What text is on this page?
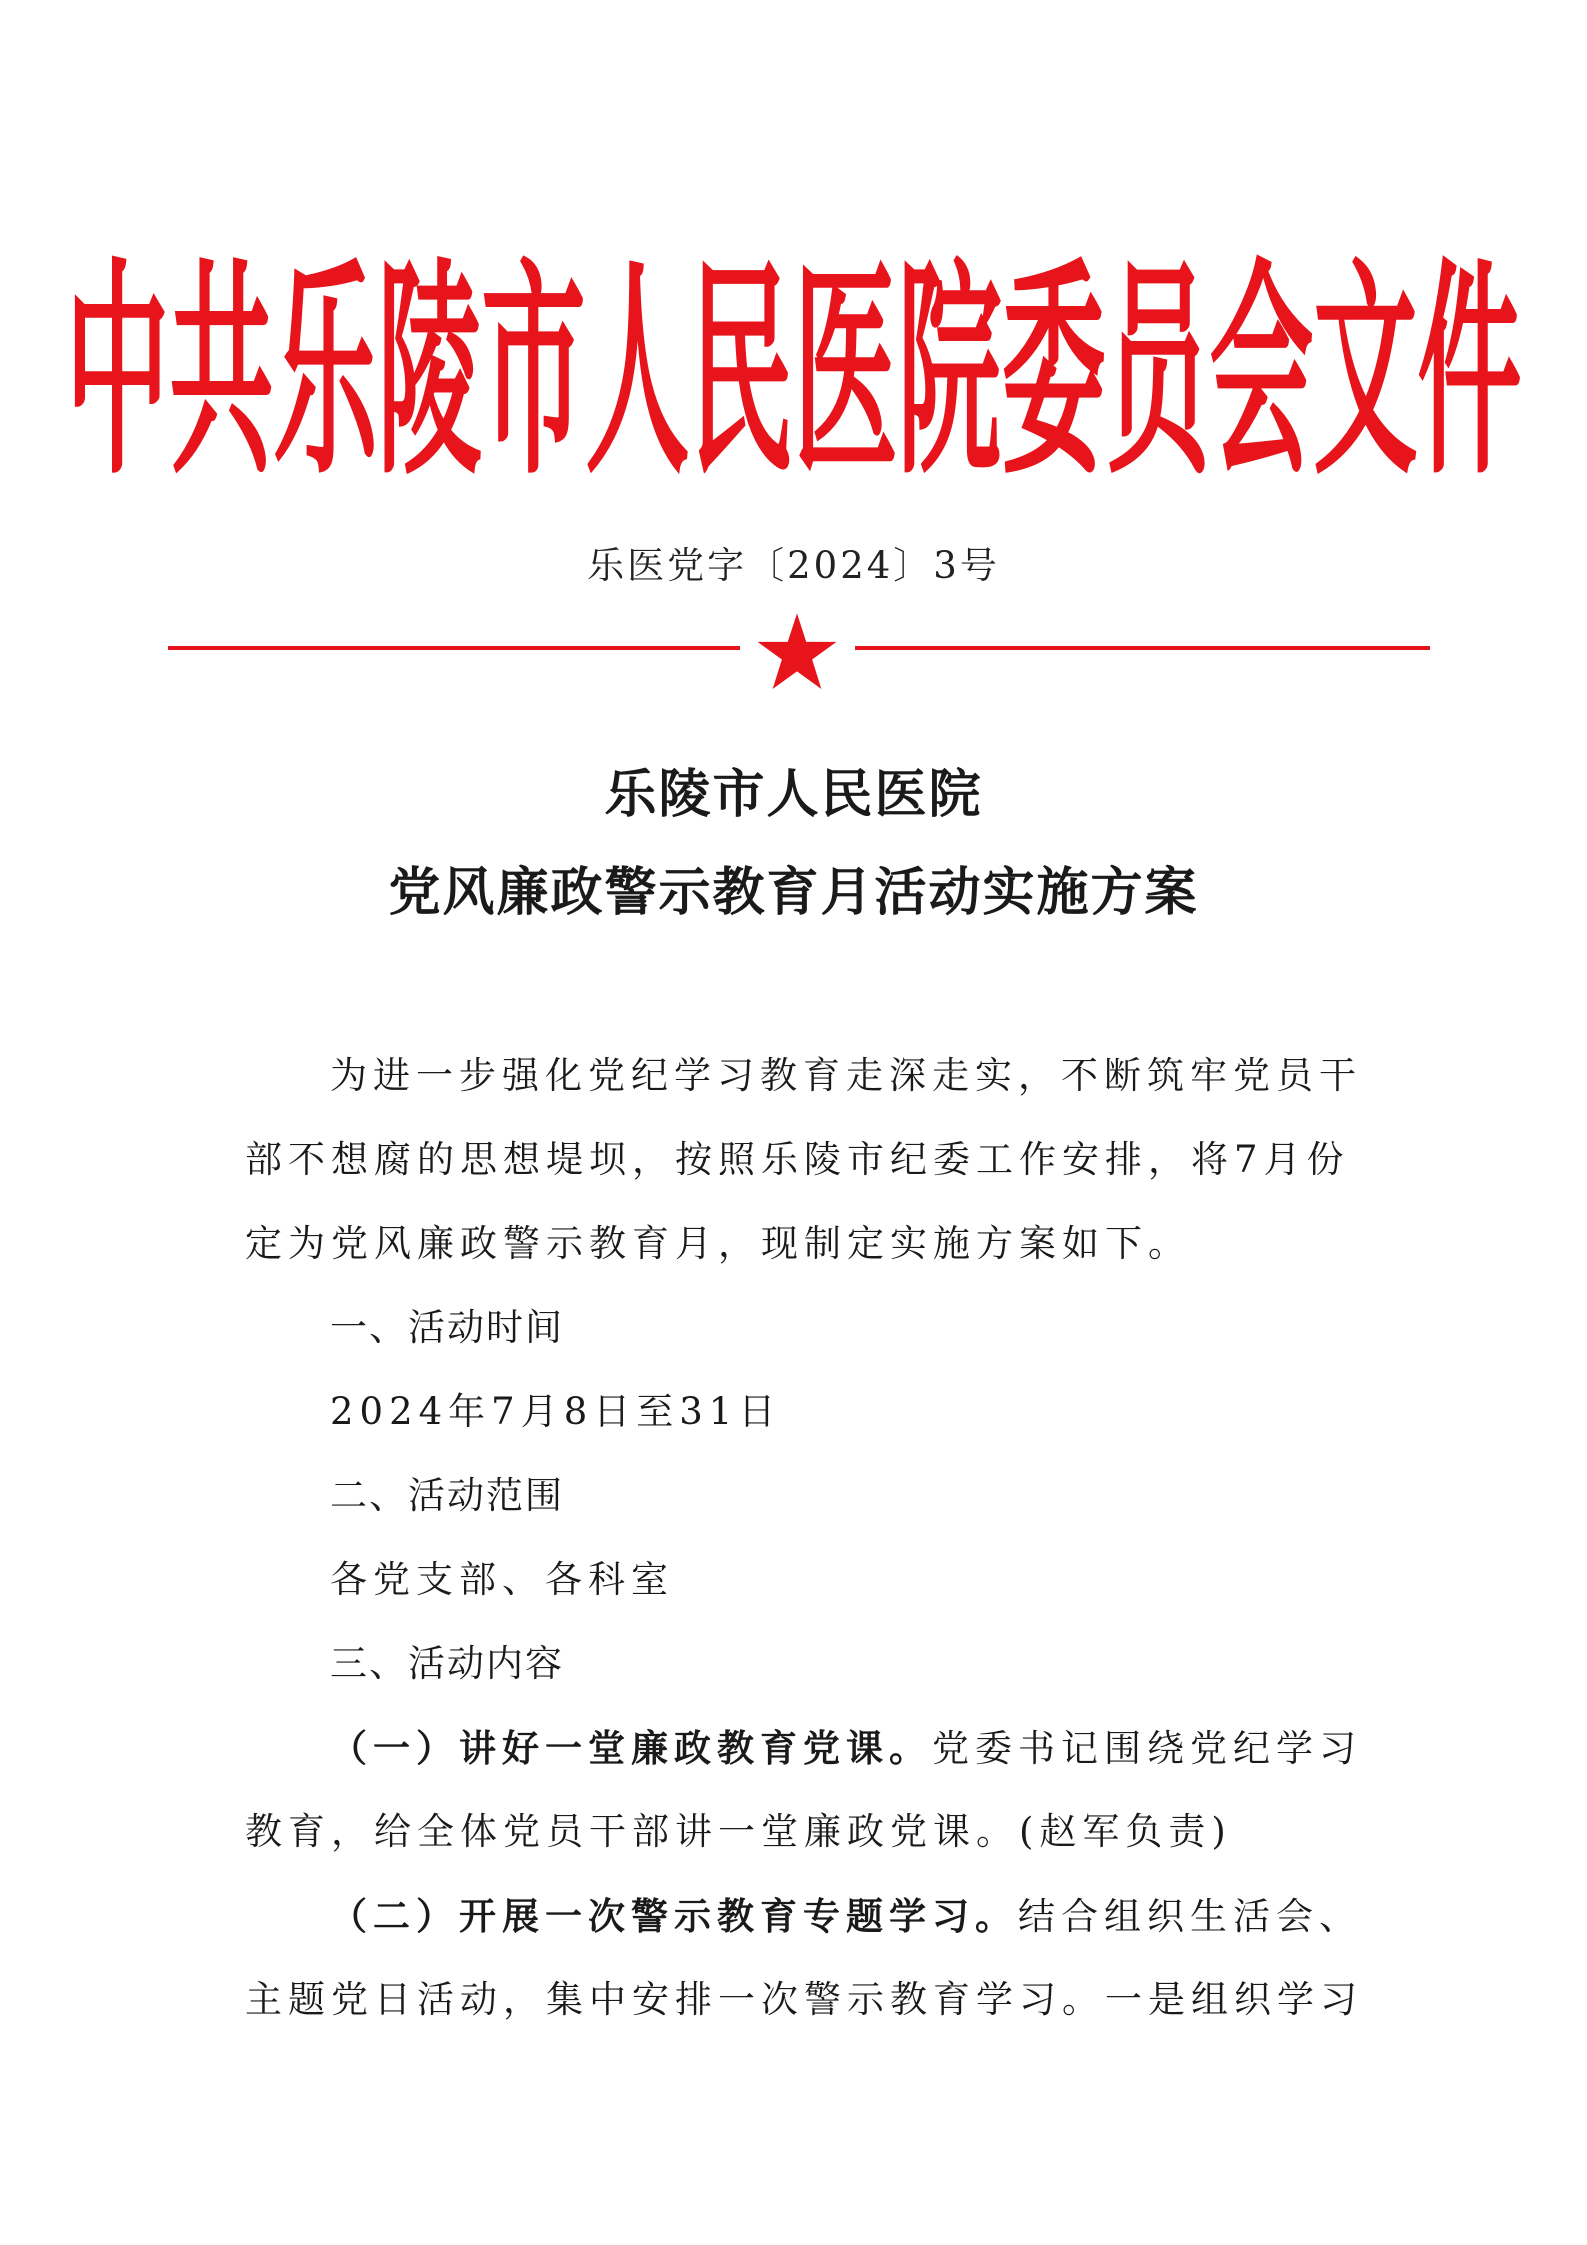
中共乐陵市人民医院委员会文件
乐医党字〔2024〕3号
乐陵市人民医院
党风廉政警示教育月活动实施方案
为进一步强化党纪学习教育走深走实，不断筑牢党员干
部不想腐的思想堤坝，按照乐陵市纪委工作安排，将7月份
定为党风廉政警示教育月，现制定实施方案如下。
一、活动时间
2024年7月8日至31日
二、活动范围
各党支部、各科室
三、活动内容
（一）讲好一堂廉政教育党课。党委书记围绕党纪学习
教育，给全体党员干部讲一堂廉政党课。(赵军负责)
（二）开展一次警示教育专题学习。结合组织生活会、
主题党日活动，集中安排一次警示教育学习。一是组织学习
